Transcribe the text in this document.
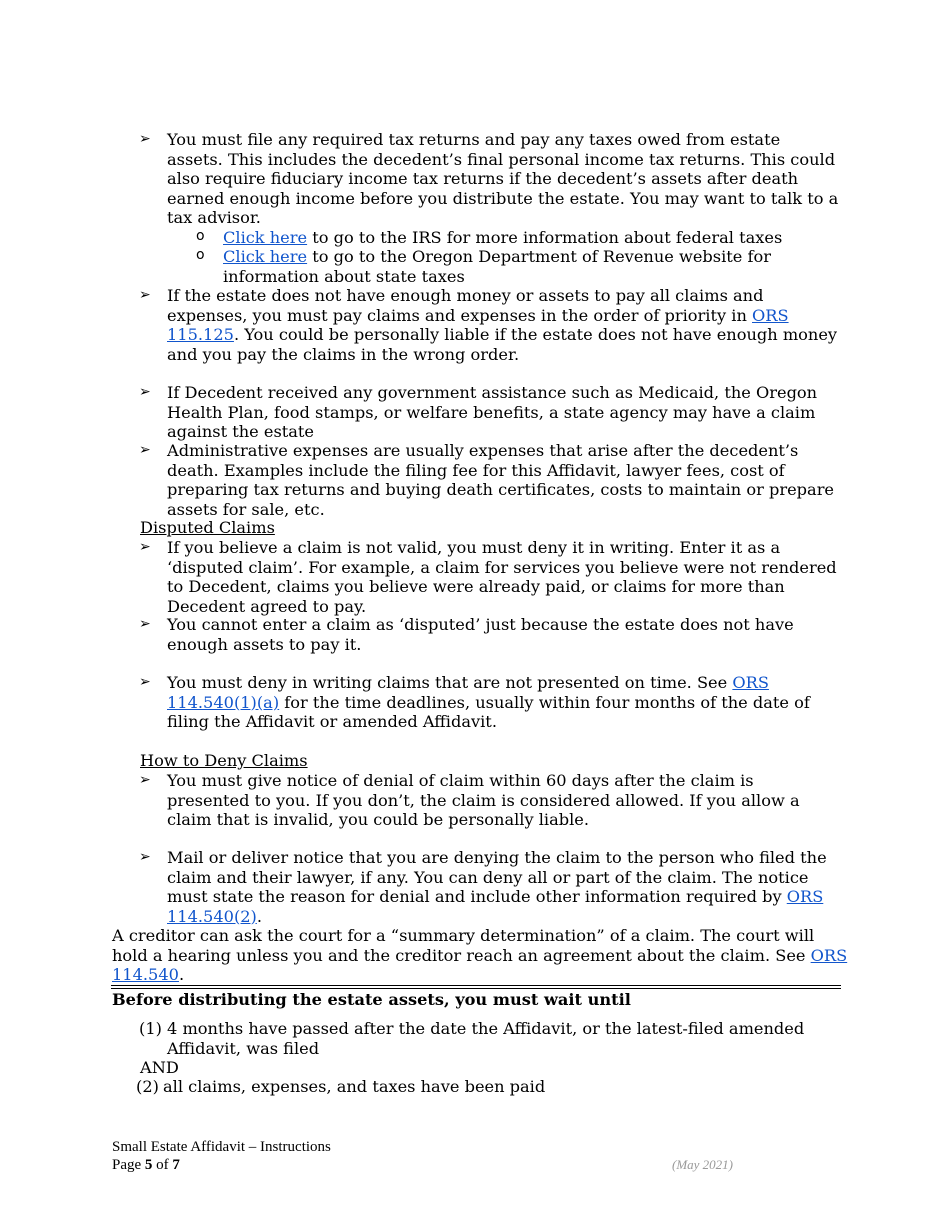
➢ You must file any required tax returns and pay any taxes owed from estate assets. This includes the decedent’s final personal income tax returns. This could also require fiduciary income tax returns if the decedent’s assets after death earned enough income before you distribute the estate. You may want to talk to a tax advisor.
o Click here to go to the IRS for more information about federal taxes
o Click here to go to the Oregon Department of Revenue website for information about state taxes
➢ If the estate does not have enough money or assets to pay all claims and expenses, you must pay claims and expenses in the order of priority in ORS 115.125. You could be personally liable if the estate does not have enough money and you pay the claims in the wrong order.
➢ If Decedent received any government assistance such as Medicaid, the Oregon Health Plan, food stamps, or welfare benefits, a state agency may have a claim against the estate
➢ Administrative expenses are usually expenses that arise after the decedent’s death. Examples include the filing fee for this Affidavit, lawyer fees, cost of preparing tax returns and buying death certificates, costs to maintain or prepare assets for sale, etc.
Disputed Claims
➢ If you believe a claim is not valid, you must deny it in writing. Enter it as a ‘disputed claim’. For example, a claim for services you believe were not rendered to Decedent, claims you believe were already paid, or claims for more than Decedent agreed to pay.
➢ You cannot enter a claim as ‘disputed’ just because the estate does not have enough assets to pay it.
➢ You must deny in writing claims that are not presented on time. See ORS 114.540(1)(a) for the time deadlines, usually within four months of the date of filing the Affidavit or amended Affidavit.
How to Deny Claims
➢ You must give notice of denial of claim within 60 days after the claim is presented to you. If you don’t, the claim is considered allowed. If you allow a claim that is invalid, you could be personally liable.
➢ Mail or deliver notice that you are denying the claim to the person who filed the claim and their lawyer, if any. You can deny all or part of the claim. The notice must state the reason for denial and include other information required by ORS 114.540(2).
A creditor can ask the court for a “summary determination” of a claim. The court will hold a hearing unless you and the creditor reach an agreement about the claim. See ORS 114.540.
Before distributing the estate assets, you must wait until
(1) 4 months have passed after the date the Affidavit, or the latest-filed amended Affidavit, was filed
AND
(2) all claims, expenses, and taxes have been paid
Small Estate Affidavit – Instructions
Page 5 of 7	(May 2021)
